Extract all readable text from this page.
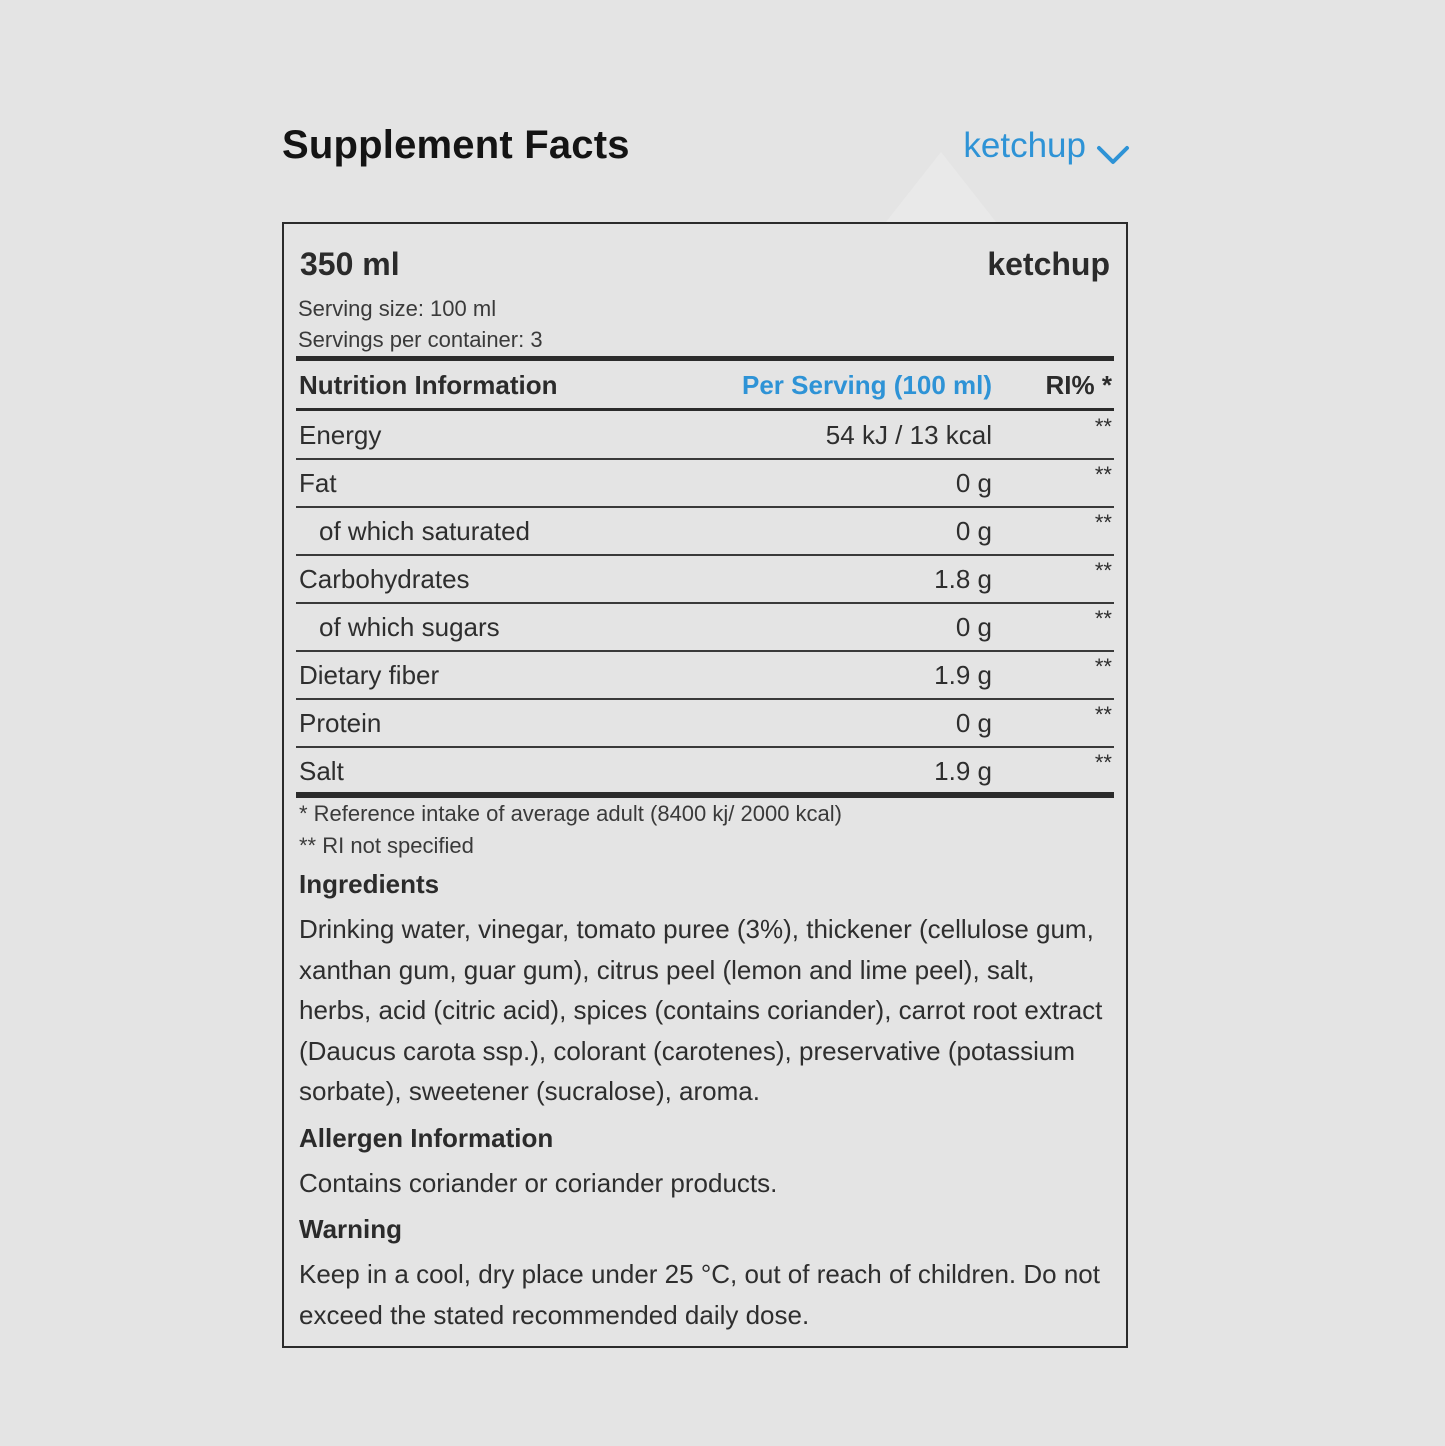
Supplement Facts	ketchup
350 ml	ketchup
Serving size: 100 ml
Servings per container: 3
Nutrition Information	Per Serving (100 ml) RI% *
Energy	54 kJ / 13 kcal	**
Fat	0 g	**
of which saturated	0 g	**
Carbohydrates	1.8 g	**
of which sugars	0 g	**
Dietary fiber	1.9 g	**
Protein	0 g	**
Salt	1.9 g	**
* Reference intake of average adult (8400 kj/ 2000 kcal)
** RI not specified
Ingredients
Drinking water, vinegar, tomato puree (3%), thickener (cellulose gum, xanthan gum, guar gum), citrus peel (lemon and lime peel), salt, herbs, acid (citric acid), spices (contains coriander), carrot root extract (Daucus carota ssp.), colorant (carotenes), preservative (potassium sorbate), sweetener (sucralose), aroma.
Allergen Information
Contains coriander or coriander products.
Warning
Keep in a cool, dry place under 25 °C, out of reach of children. Do not exceed the stated recommended daily dose.
